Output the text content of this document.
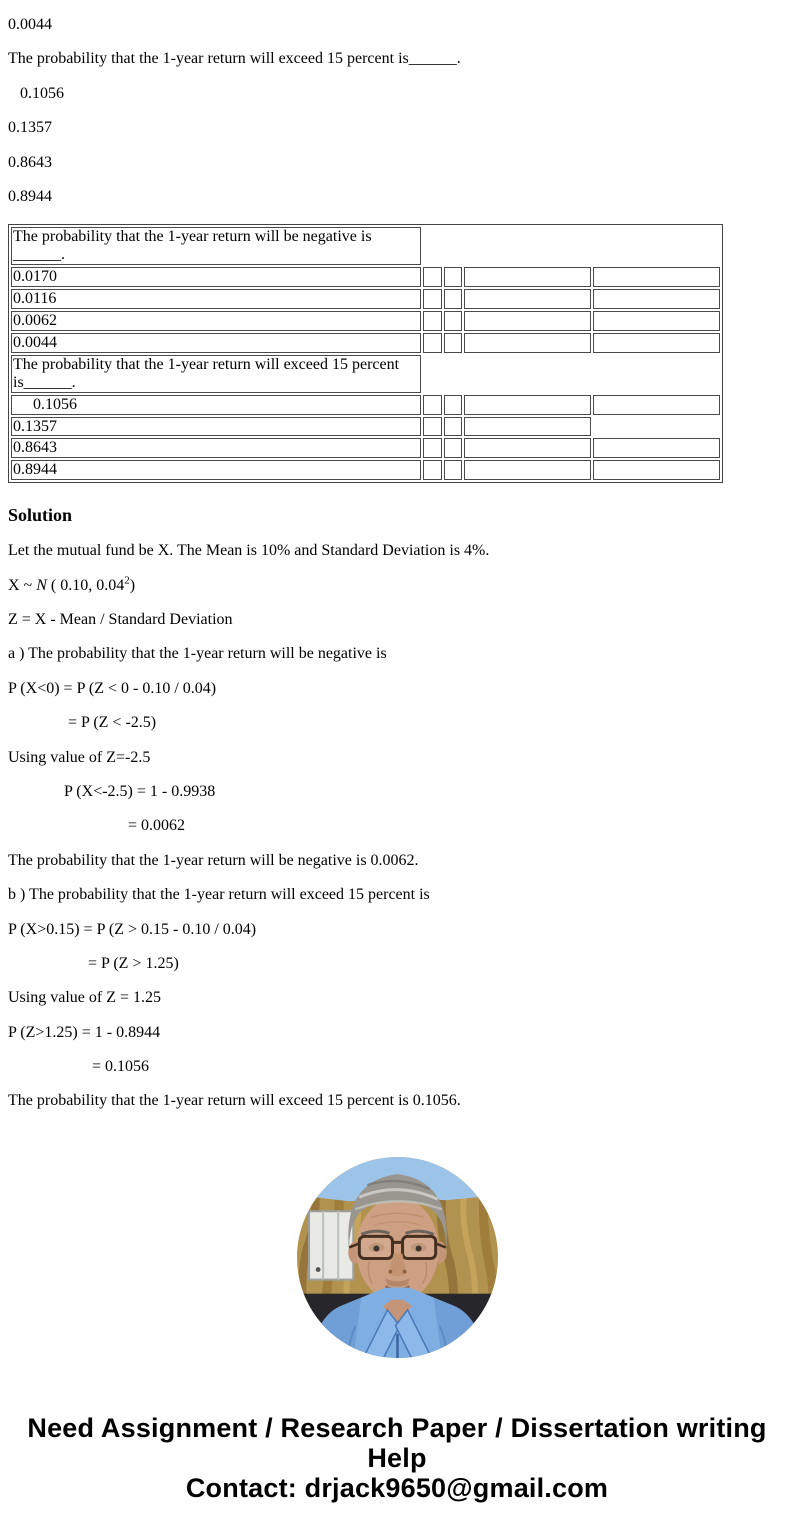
0.0044

The probability that the 1-year return will exceed 15 percent is______.

0.1056

0.1357

0.8643

0.8944

The probability that the 1-year return will be negative is ______.				
0.0170				
0.0116				
0.0062				
0.0044				
The probability that the 1-year return will exceed 15 percent is______.				
0.1056				
0.1357				
0.8643				
0.8944				
Solution

Let the mutual fund be X. The Mean is 10% and Standard Deviation is 4%.

X ~ N ( 0.10, 0.04$^2$)

Z = X - Mean / Standard Deviation

a ) The probability that the 1-year return will be negative is

P (X<0) = P (Z < 0 - 0.10 / 0.04)

= P (Z < -2.5)

Using value of Z=-2.5

P (X<-2.5) = 1 - 0.9938

= 0.0062

The probability that the 1-year return will be negative is 0.0062.

b ) The probability that the 1-year return will exceed 15 percent is

P (X>0.15) = P (Z > 0.15 - 0.10 / 0.04)

= P (Z > 1.25)

Using value of Z = 1.25

P (Z>1.25) = 1 - 0.8944

= 0.1056

The probability that the 1-year return will exceed 15 percent is 0.1056.

Need Assignment / Research Paper / Dissertation writing Help
Contact: drjack9650@gmail.com
